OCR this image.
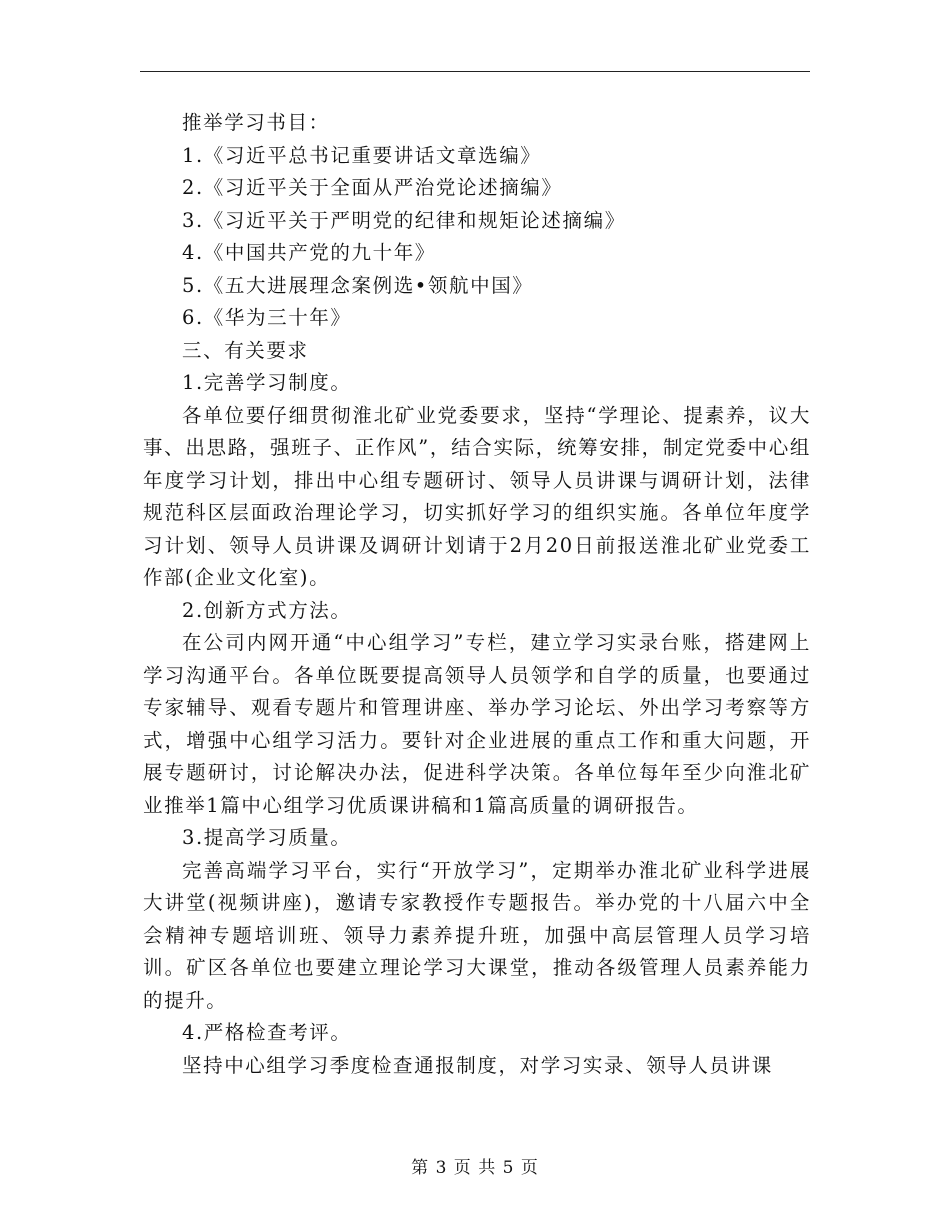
推举学习书目：

1.《习近平总书记重要讲话文章选编》

2.《习近平关于全面从严治党论述摘编》

3.《习近平关于严明党的纪律和规矩论述摘编》

4.《中国共产党的九十年》

5.《五大进展理念案例选•领航中国》

6.《华为三十年》

三、有关要求

1.完善学习制度。

各单位要仔细贯彻淮北矿业党委要求，坚持“学理论、提素养，议大事、出思路，强班子、正作风”，结合实际，统筹安排，制定党委中心组年度学习计划，排出中心组专题研讨、领导人员讲课与调研计划，法律规范科区层面政治理论学习，切实抓好学习的组织实施。各单位年度学习计划、领导人员讲课及调研计划请于2月20日前报送淮北矿业党委工作部(企业文化室)。

2.创新方式方法。

在公司内网开通“中心组学习”专栏，建立学习实录台账，搭建网上学习沟通平台。各单位既要提高领导人员领学和自学的质量，也要通过专家辅导、观看专题片和管理讲座、举办学习论坛、外出学习考察等方式，增强中心组学习活力。要针对企业进展的重点工作和重大问题，开展专题研讨，讨论解决办法，促进科学决策。各单位每年至少向淮北矿业推举1篇中心组学习优质课讲稿和1篇高质量的调研报告。

3.提高学习质量。

完善高端学习平台，实行“开放学习”，定期举办淮北矿业科学进展大讲堂(视频讲座)，邀请专家教授作专题报告。举办党的十八届六中全会精神专题培训班、领导力素养提升班，加强中高层管理人员学习培训。矿区各单位也要建立理论学习大课堂，推动各级管理人员素养能力的提升。

4.严格检查考评。

坚持中心组学习季度检查通报制度，对学习实录、领导人员讲课

第 3 页 共 5 页
